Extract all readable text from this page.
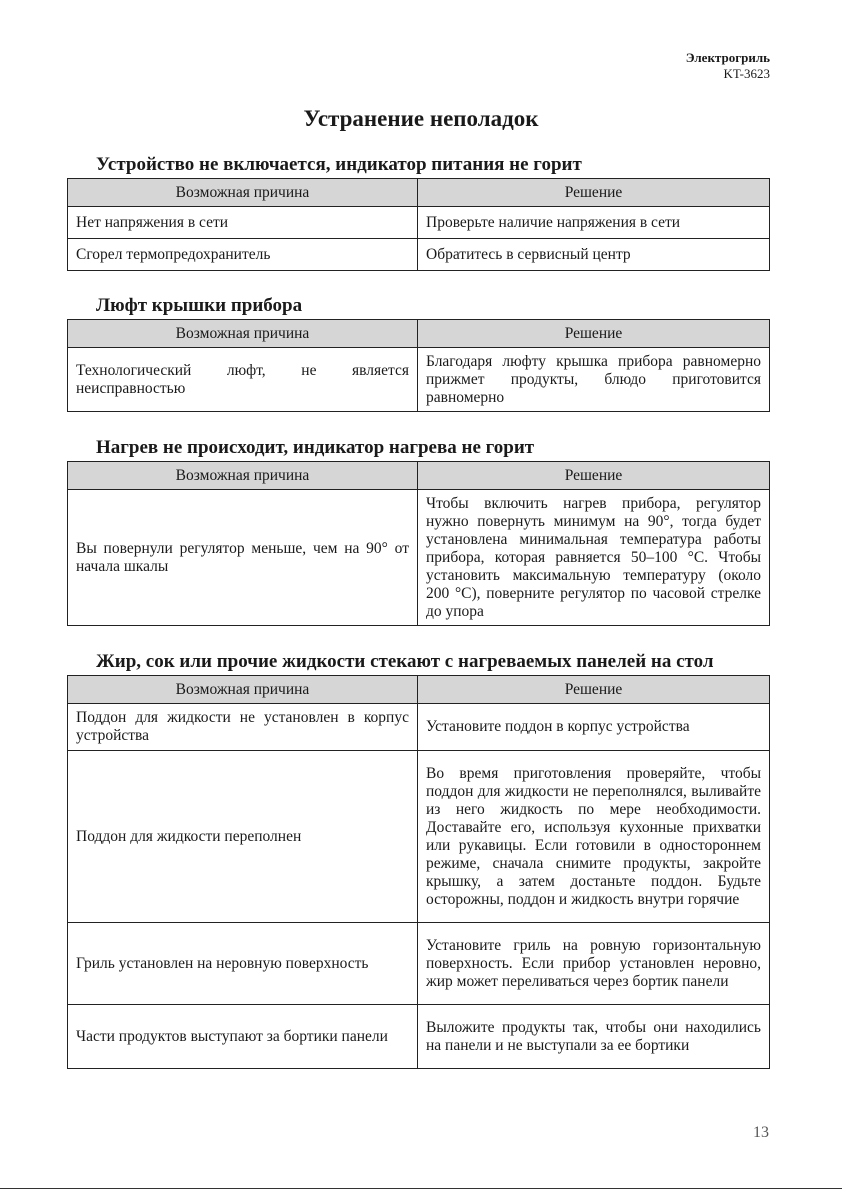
Электрогриль
KT-3623
Устранение неполадок
Устройство не включается, индикатор питания не горит
Возможная причина	Решение
Нет напряжения в сети	Проверьте наличие напряжения в сети
Сгорел термопредохранитель	Обратитесь в сервисный центр
Люфт крышки прибора
Возможная причина	Решение
Технологический люфт, не является неисправностью	Благодаря люфту крышка прибора равномерно прижмет продукты, блюдо приготовится равномерно
Нагрев не происходит, индикатор нагрева не горит
Возможная причина	Решение
Вы повернули регулятор меньше, чем на 90° от начала шкалы	Чтобы включить нагрев прибора, регулятор нужно повернуть минимум на 90°, тогда будет установлена минимальная температура работы прибора, которая равняется 50–100 °С. Чтобы установить максимальную температуру (около 200 °С), поверните регулятор по часовой стрелке до упора
Жир, сок или прочие жидкости стекают с нагреваемых панелей на стол
Возможная причина	Решение
Поддон для жидкости не установлен в корпус устройства	Установите поддон в корпус устройства
Поддон для жидкости переполнен	Во время приготовления проверяйте, чтобы поддон для жидкости не переполнялся, выливайте из него жидкость по мере необходимости. Доставайте его, используя кухонные прихватки или рукавицы. Если готовили в одностороннем режиме, сначала снимите продукты, закройте крышку, а затем достаньте поддон. Будьте осторожны, поддон и жидкость внутри горячие
Гриль установлен на неровную поверхность	Установите гриль на ровную горизонтальную поверхность. Если прибор установлен неровно, жир может переливаться через бортик панели
Части продуктов выступают за бортики панели	Выложите продукты так, чтобы они находились на панели и не выступали за ее бортики
13
